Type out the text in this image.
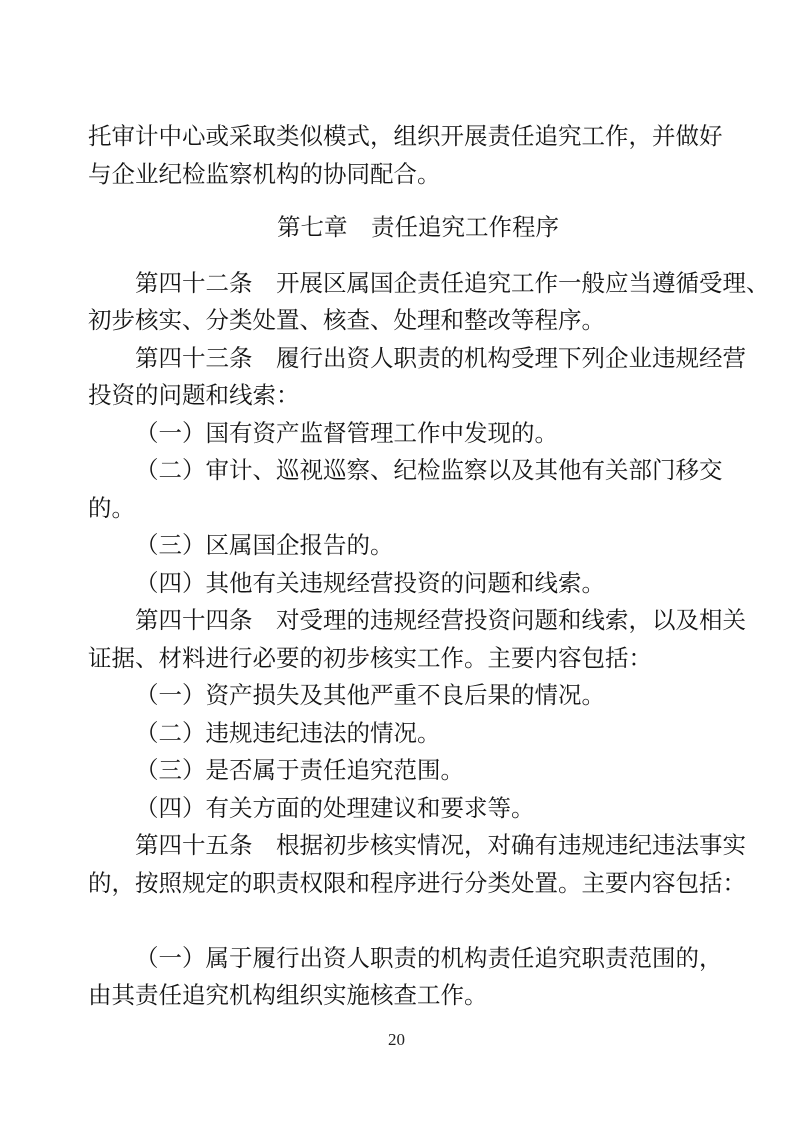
托审计中心或采取类似模式，组织开展责任追究工作，并做好
与企业纪检监察机构的协同配合。
第七章　责任追究工作程序
第四十二条　开展区属国企责任追究工作一般应当遵循受理、
初步核实、分类处置、核查、处理和整改等程序。
第四十三条　履行出资人职责的机构受理下列企业违规经营
投资的问题和线索：
（一）国有资产监督管理工作中发现的。
（二）审计、巡视巡察、纪检监察以及其他有关部门移交
的。
（三）区属国企报告的。
（四）其他有关违规经营投资的问题和线索。
第四十四条　对受理的违规经营投资问题和线索，以及相关
证据、材料进行必要的初步核实工作。主要内容包括：
（一）资产损失及其他严重不良后果的情况。
（二）违规违纪违法的情况。
（三）是否属于责任追究范围。
（四）有关方面的处理建议和要求等。
第四十五条　根据初步核实情况，对确有违规违纪违法事实
的，按照规定的职责权限和程序进行分类处置。主要内容包括：
（一）属于履行出资人职责的机构责任追究职责范围的，
由其责任追究机构组织实施核查工作。
20
